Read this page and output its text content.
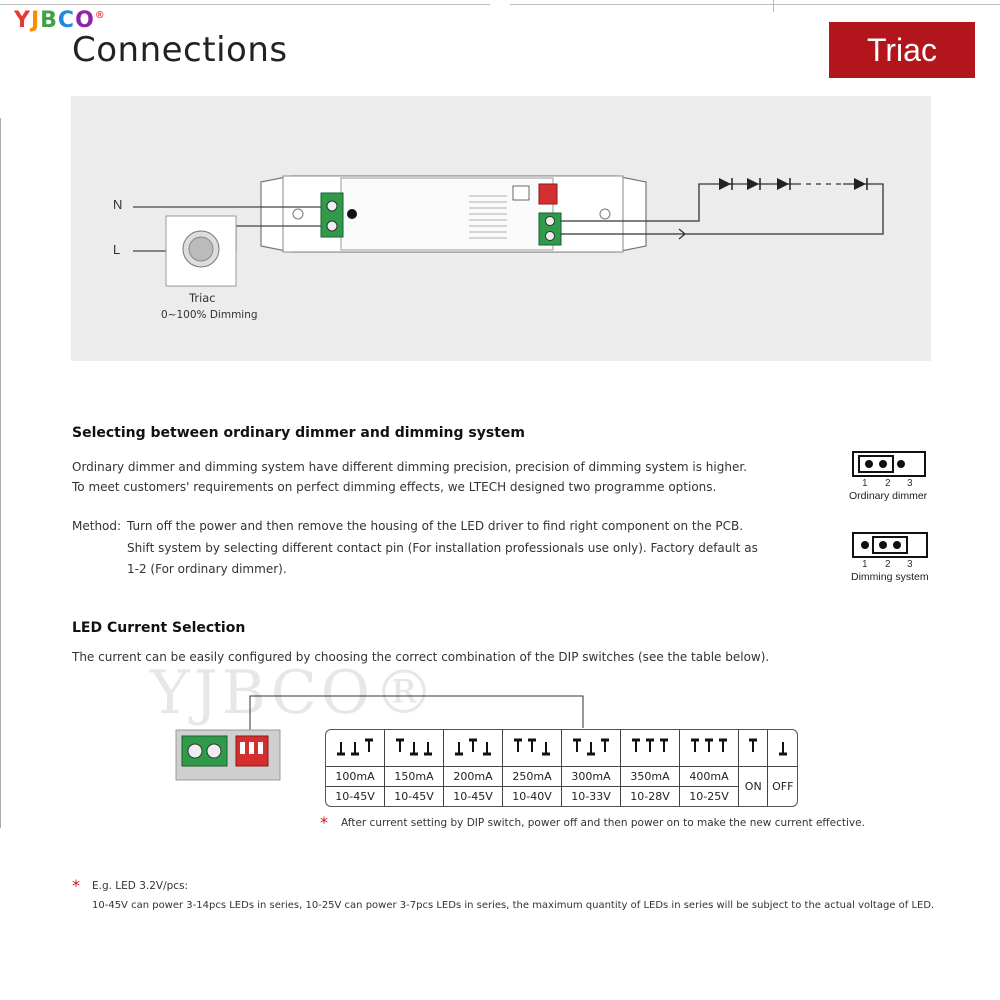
YJBCO®
Connections	Triac
N
L
Triac
0~100% Dimming
Selecting between ordinary dimmer and dimming system
Ordinary dimmer and dimming system have different dimming precision, precision of dimming system is higher.
To meet customers' requirements on perfect dimming effects, we LTECH designed two programme options.
Method: Turn off the power and then remove the housing of the LED driver to find right component on the PCB.
Shift system by selecting different contact pin (For installation professionals use only). Factory default as
1-2 (For ordinary dimmer).
1 2 3
Ordinary dimmer
1 2 3
Dimming system
LED Current Selection
The current can be easily configured by choosing the correct combination of the DIP switches (see the table below).
YJBCO®

100mA	150mA	200mA	250mA	300mA	350mA	400mA	ON	OFF
10-45V	10-45V	10-45V	10-40V	10-33V	10-28V	10-25V		
* After current setting by DIP switch, power off and then power on to make the new current effective.
* E.g. LED 3.2V/pcs:
10-45V can power 3-14pcs LEDs in series, 10-25V can power 3-7pcs LEDs in series, the maximum quantity of LEDs in series will be subject to the actual voltage of LED.
